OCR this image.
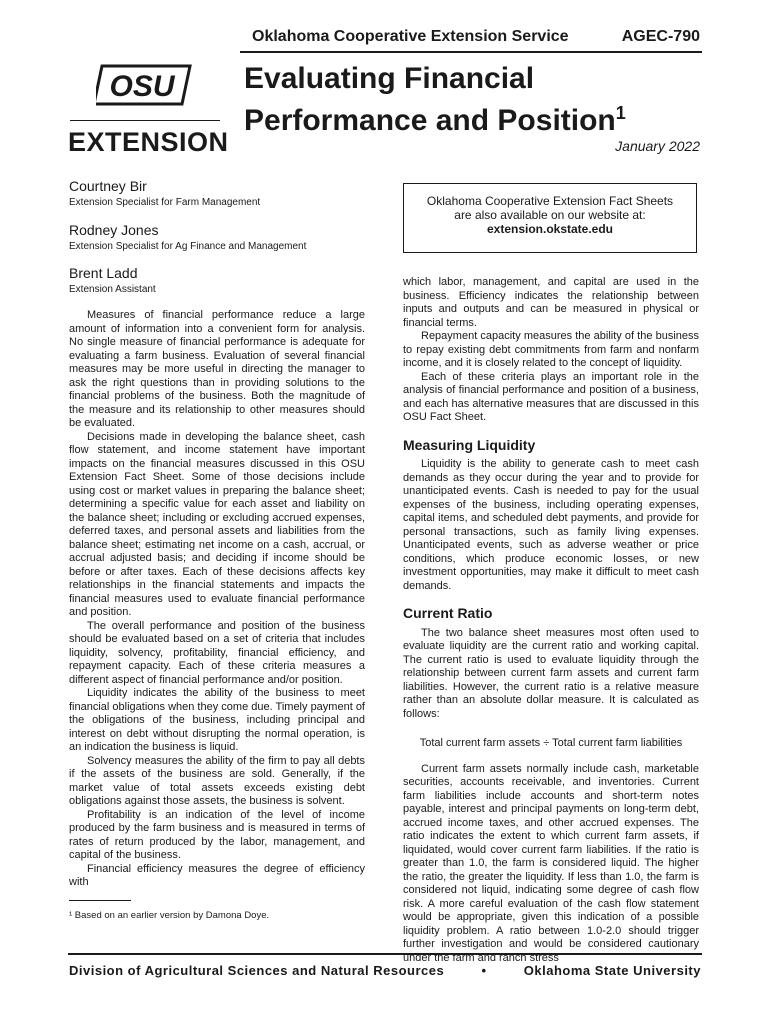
Oklahoma Cooperative Extension Service	AGEC-790
OSU
EXTENSION
Evaluating Financial
Performance and Position$^1$
January 2022
Courtney Bir
Extension Specialist for Farm Management
Rodney Jones
Extension Specialist for Ag Finance and Management
Brent Ladd
Extension Assistant
Oklahoma Cooperative Extension Fact Sheets
are also available on our website at:
extension.okstate.edu

Measures of financial performance reduce a large amount of information into a convenient form for analysis. No single measure of financial performance is adequate for evaluating a farm business. Evaluation of several financial measures may be more useful in directing the manager to ask the right questions than in providing solutions to the financial problems of the business. Both the magnitude of the measure and its relationship to other measures should be evaluated.

Decisions made in developing the balance sheet, cash flow statement, and income statement have important impacts on the financial measures discussed in this OSU Extension Fact Sheet. Some of those decisions include using cost or market values in preparing the balance sheet; determining a specific value for each asset and liability on the balance sheet; including or excluding accrued expenses, deferred taxes, and personal assets and liabilities from the balance sheet; estimating net income on a cash, accrual, or accrual adjusted basis; and deciding if income should be before or after taxes. Each of these decisions affects key relationships in the financial statements and impacts the financial measures used to evaluate financial performance and position.

The overall performance and position of the business should be evaluated based on a set of criteria that includes liquidity, solvency, profitability, financial efficiency, and repayment capacity. Each of these criteria measures a different aspect of financial performance and/or position.

Liquidity indicates the ability of the business to meet financial obligations when they come due. Timely payment of the obligations of the business, including principal and interest on debt without disrupting the normal operation, is an indication the business is liquid.

Solvency measures the ability of the firm to pay all debts if the assets of the business are sold. Generally, if the market value of total assets exceeds existing debt obligations against those assets, the business is solvent.

Profitability is an indication of the level of income produced by the farm business and is measured in terms of rates of return produced by the labor, management, and capital of the business.

Financial efficiency measures the degree of efficiency with

¹ Based on an earlier version by Damona Doye.

which labor, management, and capital are used in the business. Efficiency indicates the relationship between inputs and outputs and can be measured in physical or financial terms.

Repayment capacity measures the ability of the business to repay existing debt commitments from farm and nonfarm income, and it is closely related to the concept of liquidity.

Each of these criteria plays an important role in the analysis of financial performance and position of a business, and each has alternative measures that are discussed in this OSU Fact Sheet.

Measuring Liquidity

Liquidity is the ability to generate cash to meet cash demands as they occur during the year and to provide for unanticipated events. Cash is needed to pay for the usual expenses of the business, including operating expenses, capital items, and scheduled debt payments, and provide for personal transactions, such as family living expenses. Unanticipated events, such as adverse weather or price conditions, which produce economic losses, or new investment opportunities, may make it difficult to meet cash demands.

Current Ratio

The two balance sheet measures most often used to evaluate liquidity are the current ratio and working capital. The current ratio is used to evaluate liquidity through the relationship between current farm assets and current farm liabilities. However, the current ratio is a relative measure rather than an absolute dollar measure. It is calculated as follows:

Total current farm assets ÷ Total current farm liabilities

Current farm assets normally include cash, marketable securities, accounts receivable, and inventories. Current farm liabilities include accounts and short-term notes payable, interest and principal payments on long-term debt, accrued income taxes, and other accrued expenses. The ratio indicates the extent to which current farm assets, if liquidated, would cover current farm liabilities. If the ratio is greater than 1.0, the farm is considered liquid. The higher the ratio, the greater the liquidity. If less than 1.0, the farm is considered not liquid, indicating some degree of cash flow risk. A more careful evaluation of the cash flow statement would be appropriate, given this indication of a possible liquidity problem. A ratio between 1.0-2.0 should trigger further investigation and would be considered cautionary under the farm and ranch stress

Division of Agricultural Sciences and Natural Resources	•	Oklahoma State University
